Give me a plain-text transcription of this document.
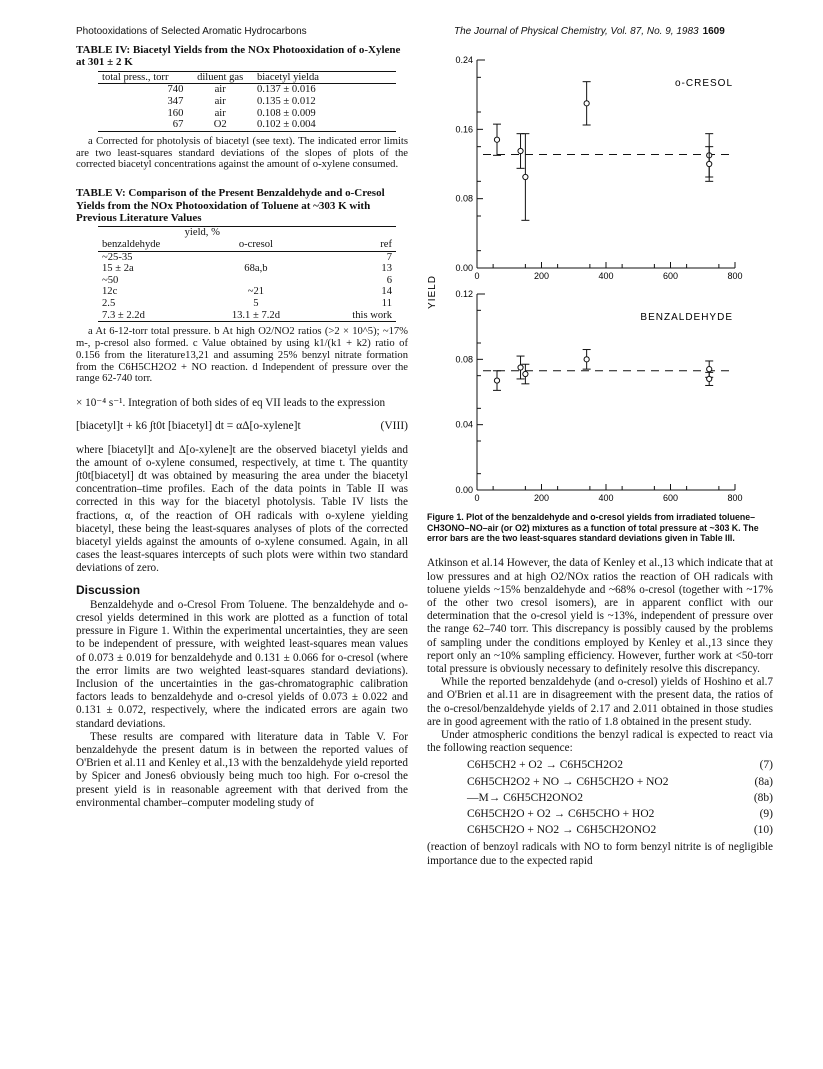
Photooxidations of Selected Aromatic Hydrocarbons	The Journal of Physical Chemistry, Vol. 87, No. 9, 1983 1609
TABLE IV: Biacetyl Yields from the NOx Photooxidation of o-Xylene at 301 ± 2 K
total press., torr	diluent gas	biacetyl yielda
740	air	0.137 ± 0.016
347	air	0.135 ± 0.012
160	air	0.108 ± 0.009
67	O2	0.102 ± 0.004
a Corrected for photolysis of biacetyl (see text). The indicated error limits are two least-squares standard deviations of the slopes of plots of the corrected biacetyl concentrations against the amount of o-xylene consumed.
TABLE V: Comparison of the Present Benzaldehyde and o-Cresol Yields from the NOx Photooxidation of Toluene at ~303 K with Previous Literature Values
yield, %		
benzaldehyde	o-cresol	ref
~25-35		7
15 ± 2a	68a,b	13
~50		6
12c	~21	14
2.5	5	11
7.3 ± 2.2d	13.1 ± 7.2d	this work
a At 6-12-torr total pressure. b At high O2/NO2 ratios (>2 × 10^5); ~17% m-, p-cresol also formed. c Value obtained by using k1/(k1 + k2) ratio of 0.156 from the literature13,21 and assuming 25% benzyl nitrate formation from the C6H5CH2O2 + NO reaction. d Independent of pressure over the range 62-740 torr.

× 10⁻⁴ s⁻¹. Integration of both sides of eq VII leads to the expression

[biacetyl]t + k6 ∫t0t [biacetyl] dt = αΔ[o-xylene]t	(VIII)

where [biacetyl]t and Δ[o-xylene]t are the observed biacetyl yields and the amount of o-xylene consumed, respectively, at time t. The quantity ∫t0t[biacetyl] dt was obtained by measuring the area under the biacetyl concentration–time profiles. Each of the data points in Table II was corrected in this way for the biacetyl photolysis. Table IV lists the fractions, α, of the reaction of OH radicals with o-xylene yielding biacetyl, these being the least-squares analyses of plots of the corrected biacetyl yields against the amounts of o-xylene consumed. Again, in all cases the least-squares intercepts of such plots were within two standard deviations of zero.

Discussion

Benzaldehyde and o-Cresol From Toluene. The benzaldehyde and o-cresol yields determined in this work are plotted as a function of total pressure in Figure 1. Within the experimental uncertainties, they are seen to be independent of pressure, with weighted least-squares mean values of 0.073 ± 0.019 for benzaldehyde and 0.131 ± 0.066 for o-cresol (where the error limits are two weighted least-squares standard deviations). Inclusion of the uncertainties in the gas-chromatographic calibration factors leads to benzaldehyde and o-cresol yields of 0.073 ± 0.022 and 0.131 ± 0.072, respectively, where the indicated errors are again two standard deviations.

These results are compared with literature data in Table V. For benzaldehyde the present datum is in between the reported values of O'Brien et al.11 and Kenley et al.,13 with the benzaldehyde yield reported by Spicer and Jones6 obviously being much too high. For o-cresol the present yield is in reasonable agreement with that derived from the environmental chamber–computer modeling study of

0.00
0.08
0.16
0.24
0	200	400	600	800
o-CRESOL
0.00
0.04
0.08
0.12
0	200	400	600	800
BENZALDEHYDE
YIELD
Figure 1. Plot of the benzaldehyde and o-cresol yields from irradiated toluene–CH3ONO–NO–air (or O2) mixtures as a function of total pressure at ~303 K. The error bars are the two least-squares standard deviations given in Table III.

Atkinson et al.14 However, the data of Kenley et al.,13 which indicate that at low pressures and at high O2/NOx ratios the reaction of OH radicals with toluene yields ~15% benzaldehyde and ~68% o-cresol (together with ~17% of the other two cresol isomers), are in apparent conflict with our determination that the o-cresol yield is ~13%, independent of pressure over the range 62–740 torr. This discrepancy is possibly caused by the problems of sampling under the conditions employed by Kenley et al.,13 since they report only an ~10% sampling efficiency. However, further work at <50-torr total pressure is obviously necessary to definitely resolve this discrepancy.

While the reported benzaldehyde (and o-cresol) yields of Hoshino et al.7 and O'Brien et al.11 are in disagreement with the present data, the ratios of the o-cresol/benzaldehyde yields of 2.17 and 2.011 obtained in those studies are in good agreement with the ratio of 1.8 obtained in the present study.

Under atmospheric conditions the benzyl radical is expected to react via the following reaction sequence:

C6H5CH2 + O2 → C6H5CH2O2	(7)
C6H5CH2O2 + NO → C6H5CH2O + NO2	(8a)
—M→ C6H5CH2ONO2	(8b)
C6H5CH2O + O2 → C6H5CHO + HO2	(9)
C6H5CH2O + NO2 → C6H5CH2ONO2	(10)

(reaction of benzoyl radicals with NO to form benzyl nitrite is of negligible importance due to the expected rapid
